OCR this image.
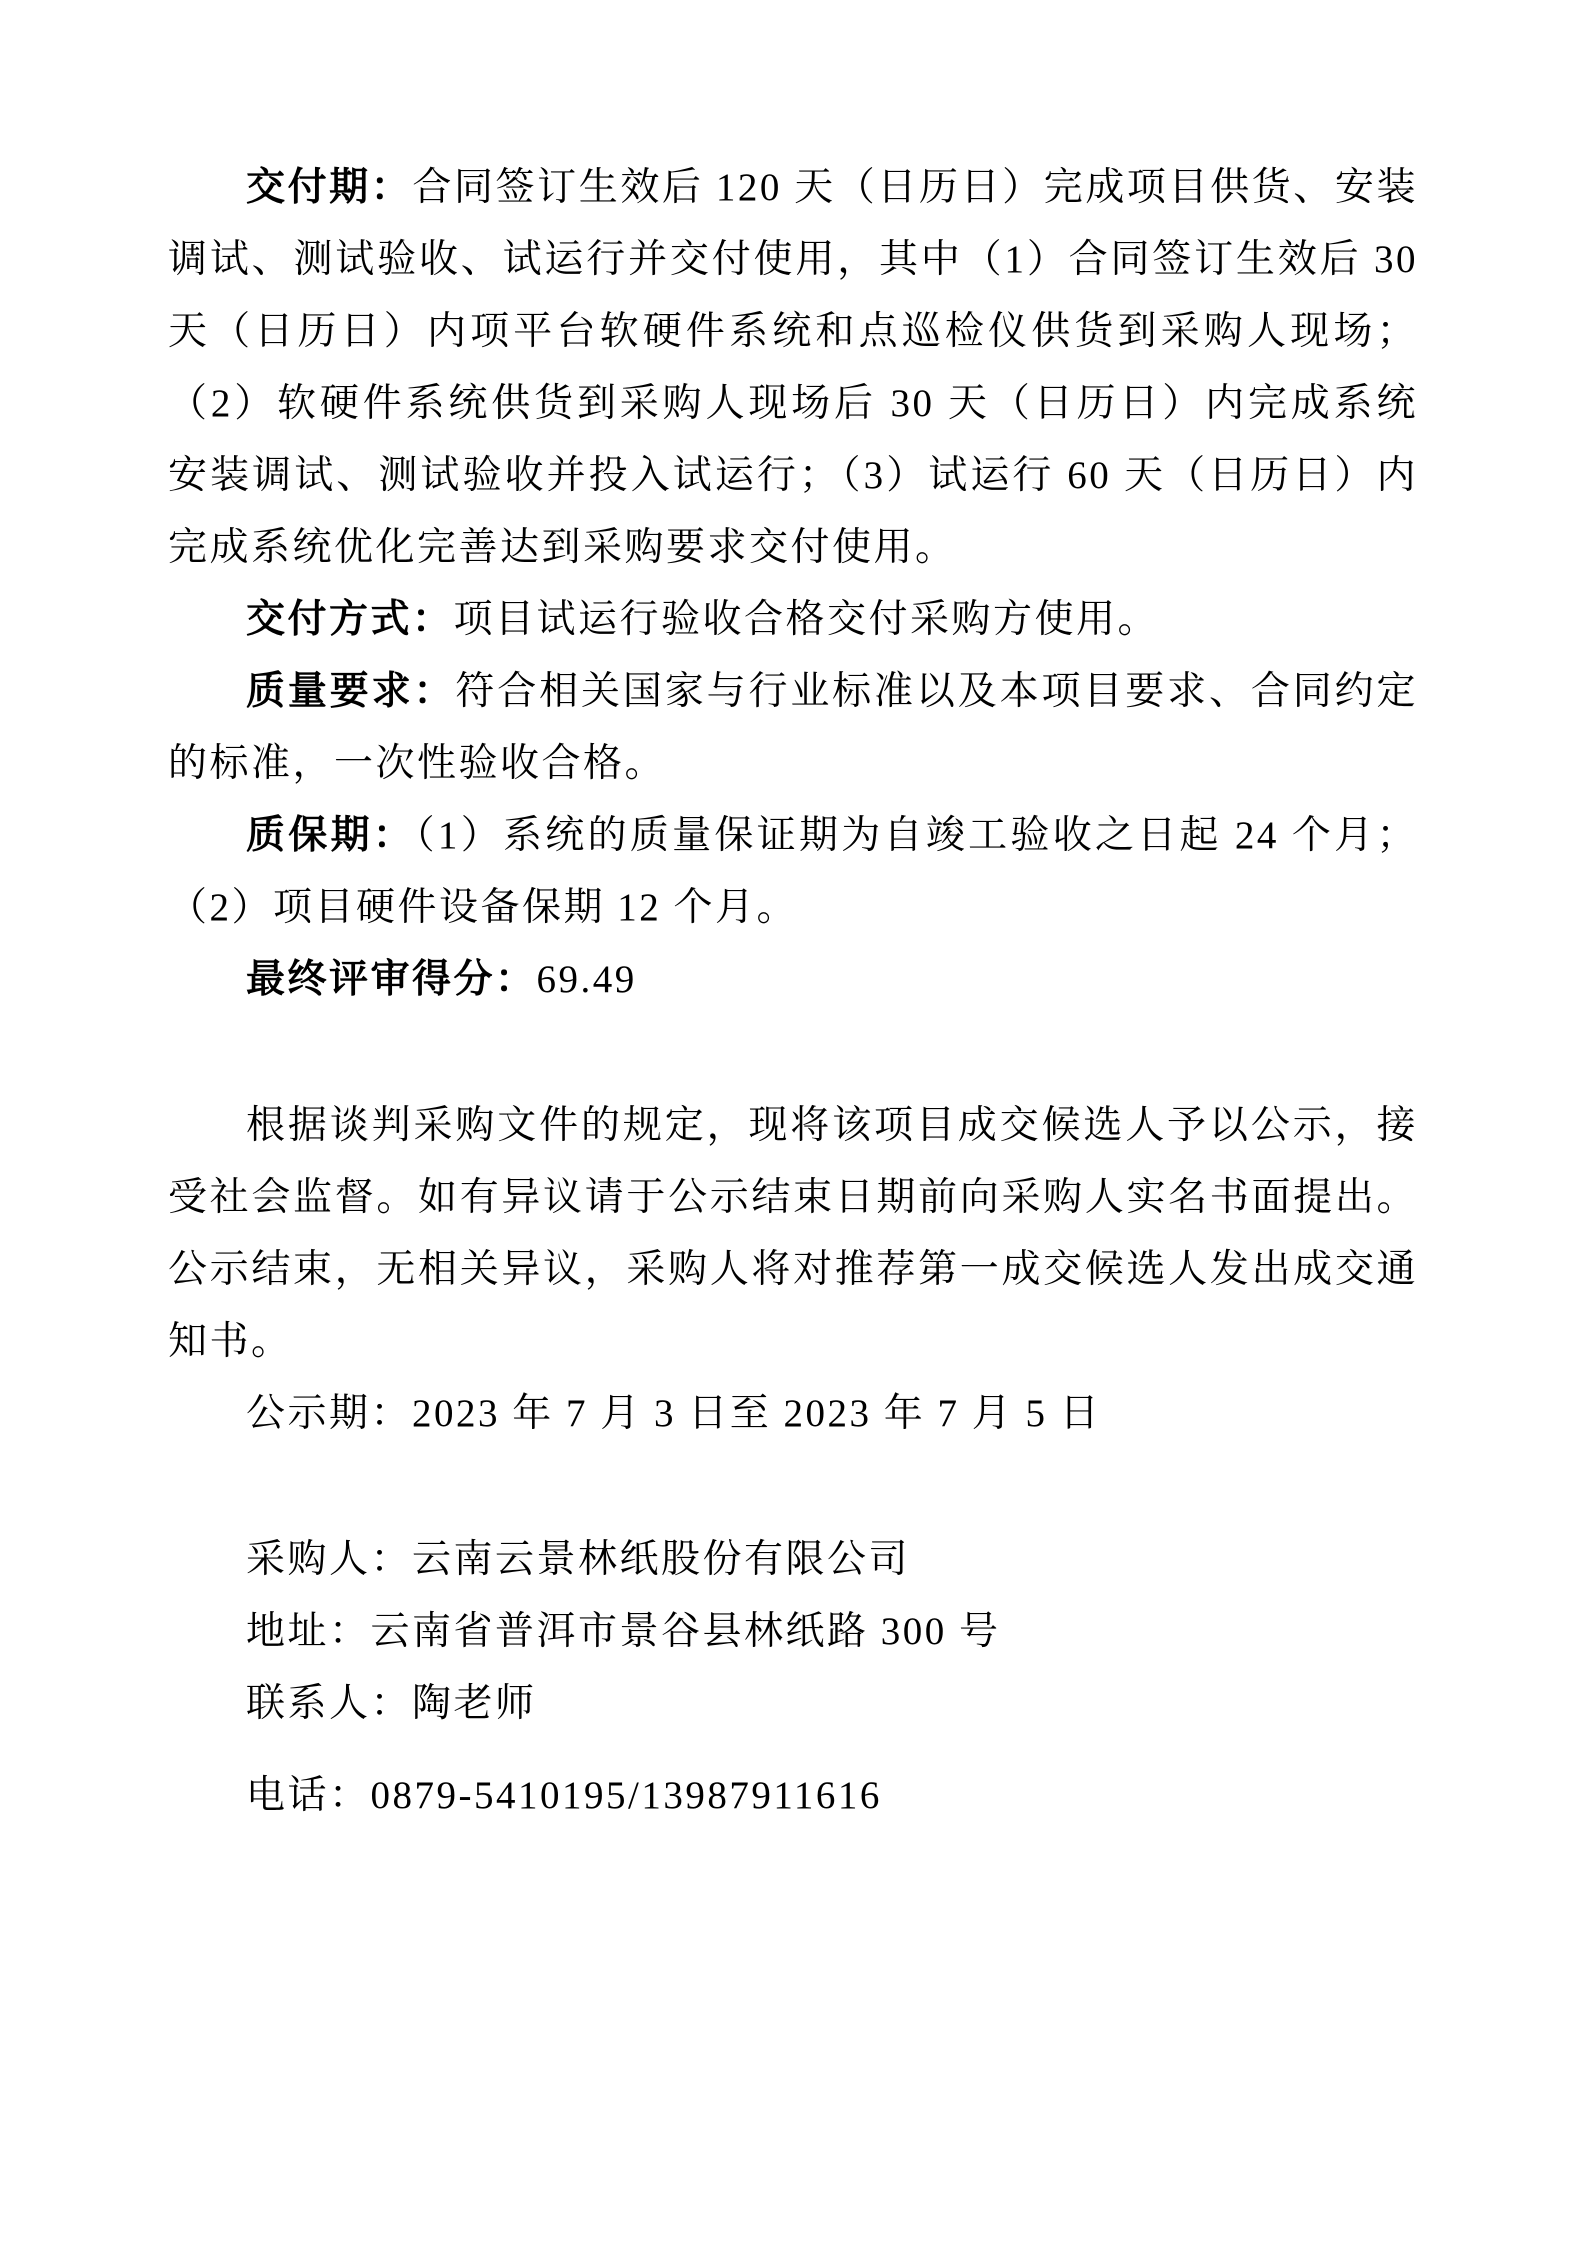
交付期：合同签订生效后 120 天（日历日）完成项目供货、安装调试、测试验收、试运行并交付使用，其中（1）合同签订生效后 30 天（日历日）内项平台软硬件系统和点巡检仪供货到采购人现场；（2）软硬件系统供货到采购人现场后 30 天（日历日）内完成系统安装调试、测试验收并投入试运行；（3）试运行 60 天（日历日）内完成系统优化完善达到采购要求交付使用。

交付方式：项目试运行验收合格交付采购方使用。

质量要求：符合相关国家与行业标准以及本项目要求、合同约定的标准，一次性验收合格。

质保期：（1）系统的质量保证期为自竣工验收之日起 24 个月；（2）项目硬件设备保期 12 个月。

最终评审得分：69.49

根据谈判采购文件的规定，现将该项目成交候选人予以公示，接受社会监督。如有异议请于公示结束日期前向采购人实名书面提出。公示结束，无相关异议，采购人将对推荐第一成交候选人发出成交通知书。

公示期：2023 年 7 月 3 日至 2023 年 7 月 5 日

采购人：云南云景林纸股份有限公司

地址：云南省普洱市景谷县林纸路 300 号

联系人：陶老师

电话：0879-5410195/13987911616
